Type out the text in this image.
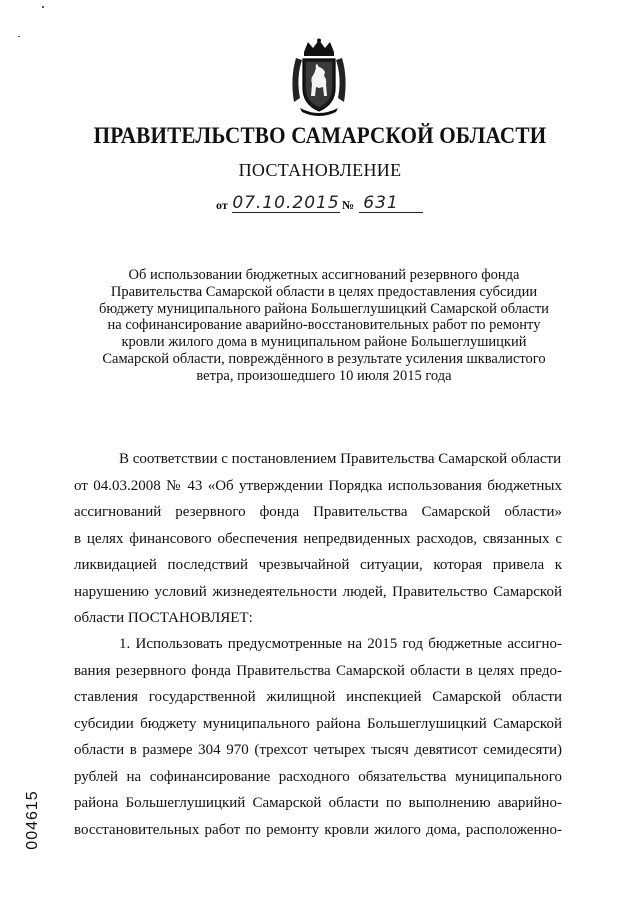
ПРАВИТЕЛЬСТВО САМАРСКОЙ ОБЛАСТИ
ПОСТАНОВЛЕНИЕ
от 07.10.2015 № 631
Об использовании бюджетных ассигнований резервного фонда
Правительства Самарской области в целях предоставления субсидии
бюджету муниципального района Большеглушицкий Самарской области
на софинансирование аварийно-восстановительных работ по ремонту
кровли жилого дома в муниципальном районе Большеглушицкий
Самарской области, повреждённого в результате усиления шквалистого
ветра, произошедшего 10 июля 2015 года
В соответствии с постановлением Правительства Самарской области
от 04.03.2008 № 43 «Об утверждении Порядка использования бюджетных
ассигнований резервного фонда Правительства Самарской области»
в целях финансового обеспечения непредвиденных расходов, связанных с
ликвидацией последствий чрезвычайной ситуации, которая привела к
нарушению условий жизнедеятельности людей, Правительство Самарской
области ПОСТАНОВЛЯЕТ:
1. Использовать предусмотренные на 2015 год бюджетные ассигно-
вания резервного фонда Правительства Самарской области в целях предо-
ставления государственной жилищной инспекцией Самарской области
субсидии бюджету муниципального района Большеглушицкий Самарской
области в размере 304 970 (трехсот четырех тысяч девятисот семидесяти)
рублей на софинансирование расходного обязательства муниципального
района Большеглушицкий Самарской области по выполнению аварийно-
восстановительных работ по ремонту кровли жилого дома, расположенно-
004615
